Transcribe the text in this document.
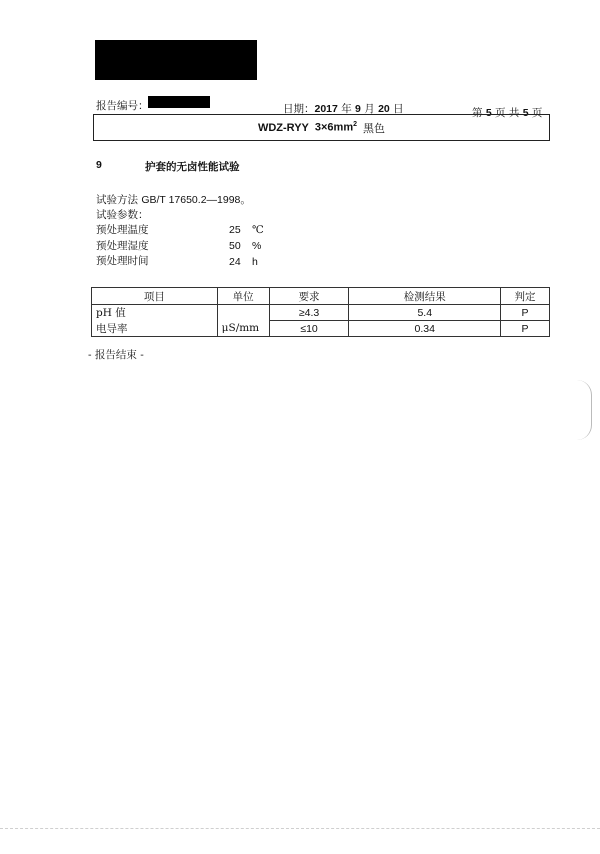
报告编号：	日期：2017 年 9 月 20 日	第 5 页 共 5 页
WDZ-RYY $3\times 6mm^2$ 黑色
9	护套的无卤性能试验
试验方法 GB/T 17650.2—1998。
试验参数：
预处理温度	25 ℃
预处理湿度	50 %
预处理时间	24 h
项目	单位	要求	检测结果	判定
pH 值	μS/mm	≥4.3	5.4	P
电导率		≤10	0.34	P
- 报告结束 -
